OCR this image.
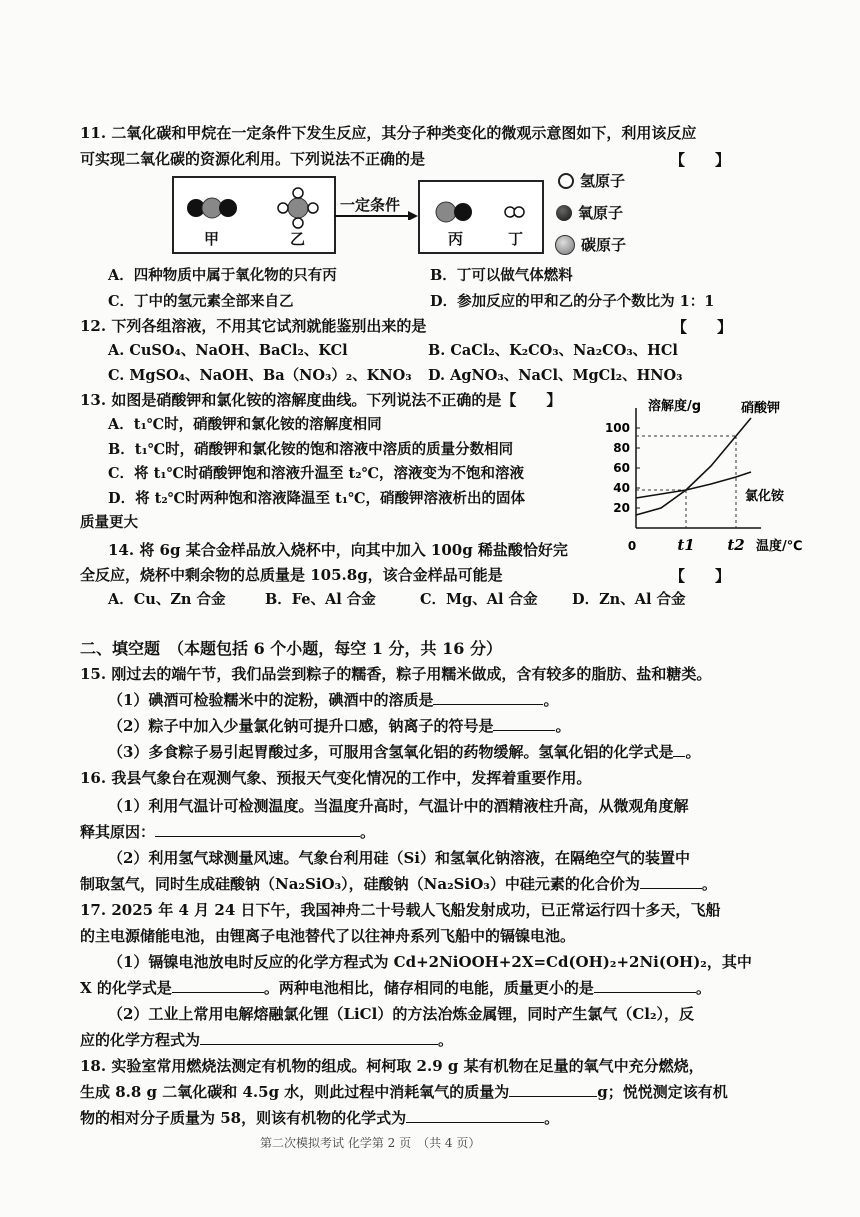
11. 二氧化碳和甲烷在一定条件下发生反应，其分子种类变化的微观示意图如下，利用该反应
可实现二氧化碳的资源化利用。下列说法不正确的是	【　　】
甲	乙
一定条件
丙	丁
氢原子
氧原子
碳原子
A．四种物质中属于氧化物的只有丙	B．丁可以做气体燃料
C．丁中的氢元素全部来自乙	D．参加反应的甲和乙的分子个数比为 1：1
12. 下列各组溶液，不用其它试剂就能鉴别出来的是	【　　】
A. CuSO₄、NaOH、BaCl₂、KCl	B. CaCl₂、K₂CO₃、Na₂CO₃、HCl
C. MgSO₄、NaOH、Ba（NO₃）₂、KNO₃ D. AgNO₃、NaCl、MgCl₂、HNO₃
13. 如图是硝酸钾和氯化铵的溶解度曲线。下列说法不正确的是【　　】
A．t₁℃时，硝酸钾和氯化铵的溶解度相同
B．t₁℃时，硝酸钾和氯化铵的饱和溶液中溶质的质量分数相同
C．将 t₁℃时硝酸钾饱和溶液升温至 t₂℃，溶液变为不饱和溶液
D．将 t₂℃时两种饱和溶液降温至 t₁℃，硝酸钾溶液析出的固体
质量更大
100
80
60
40
20
0	t1 t2
溶解度/g
温度/℃
硝酸钾
氯化铵
14. 将 6g 某合金样品放入烧杯中，向其中加入 100g 稀盐酸恰好完
全反应，烧杯中剩余物的总质量是 105.8g，该合金样品可能是	【　　】
A．Cu、Zn 合金	B．Fe、Al 合金	C．Mg、Al 合金 D．Zn、Al 合金
二、填空题　（本题包括 6 个小题，每空 1 分，共 16 分）
15. 刚过去的端午节，我们品尝到粽子的糯香，粽子用糯米做成，含有较多的脂肪、盐和糖类。
（1）碘酒可检验糯米中的淀粉，碘酒中的溶质是	。
（2）粽子中加入少量氯化钠可提升口感，钠离子的符号是	。
（3）多食粽子易引起胃酸过多，可服用含氢氧化铝的药物缓解。氢氧化铝的化学式是 。
16. 我县气象台在观测气象、预报天气变化情况的工作中，发挥着重要作用。
（1）利用气温计可检测温度。当温度升高时，气温计中的酒精液柱升高，从微观角度解
释其原因：	。
（2）利用氢气球测量风速。气象台利用硅（Si）和氢氧化钠溶液，在隔绝空气的装置中
制取氢气，同时生成硅酸钠（Na₂SiO₃），硅酸钠（Na₂SiO₃）中硅元素的化合价为	。
17. 2025 年 4 月 24 日下午，我国神舟二十号载人飞船发射成功，已正常运行四十多天，飞船
的主电源储能电池，由锂离子电池替代了以往神舟系列飞船中的镉镍电池。
（1）镉镍电池放电时反应的化学方程式为 Cd+2NiOOH+2X=Cd(OH)₂+2Ni(OH)₂，其中
X 的化学式是	。两种电池相比，储存相同的电能，质量更小的是	。
（2）工业上常用电解熔融氯化锂（LiCl）的方法冶炼金属锂，同时产生氯气（Cl₂），反
应的化学方程式为	。
18. 实验室常用燃烧法测定有机物的组成。柯柯取 2.9 g 某有机物在足量的氧气中充分燃烧，
生成 8.8 g 二氧化碳和 4.5g 水，则此过程中消耗氧气的质量为	g；悦悦测定该有机
物的相对分子质量为 58，则该有机物的化学式为	。
第二次模拟考试 化学第 2 页　（共 4 页）
